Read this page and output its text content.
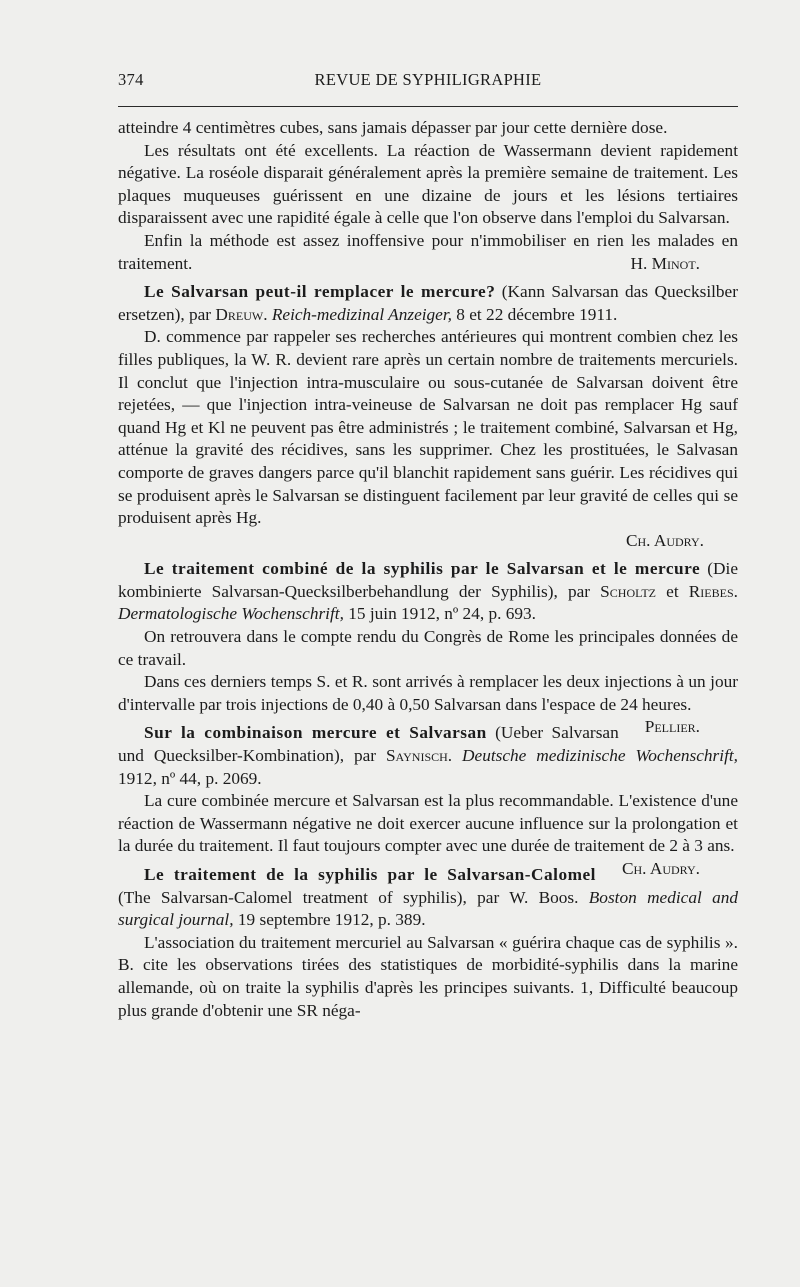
374	REVUE DE SYPHILIGRAPHIE

atteindre 4 centimètres cubes, sans jamais dépasser par jour cette dernière dose.

Les résultats ont été excellents. La réaction de Wassermann devient rapidement négative. La roséole disparait généralement après la première semaine de traitement. Les plaques muqueuses guérissent en une dizaine de jours et les lésions tertiaires disparaissent avec une rapidité égale à celle que l'on observe dans l'emploi du Salvarsan.

Enfin la méthode est assez inoffensive pour n'immobiliser en rien les malades en traitement.	H. Minot.

Le Salvarsan peut-il remplacer le mercure? (Kann Salvarsan das Quecksilber ersetzen), par Dreuw. Reich-medizinal Anzeiger, 8 et 22 décembre 1911.

D. commence par rappeler ses recherches antérieures qui montrent combien chez les filles publiques, la W. R. devient rare après un certain nombre de traitements mercuriels. Il conclut que l'injection intra-musculaire ou sous-cutanée de Salvarsan doivent être rejetées, — que l'injection intra-veineuse de Salvarsan ne doit pas remplacer Hg sauf quand Hg et Kl ne peuvent pas être administrés ; le traitement combiné, Salvarsan et Hg, atténue la gravité des récidives, sans les supprimer. Chez les prostituées, le Salvasan comporte de graves dangers parce qu'il blanchit rapidement sans guérir. Les récidives qui se produisent après le Salvarsan se distinguent facilement par leur gravité de celles qui se produisent après Hg.

Ch. Audry.

Le traitement combiné de la syphilis par le Salvarsan et le mercure (Die kombinierte Salvarsan-Quecksilberbehandlung der Syphilis), par Scholtz et Riebes. Dermatologische Wochenschrift, 15 juin 1912, nº 24, p. 693.

On retrouvera dans le compte rendu du Congrès de Rome les principales données de ce travail.

Dans ces derniers temps S. et R. sont arrivés à remplacer les deux injections à un jour d'intervalle par trois injections de 0,40 à 0,50 Salvarsan dans l'espace de 24 heures.
Pellier.

Sur la combinaison mercure et Salvarsan (Ueber Salvarsan und Quecksilber-Kombination), par Saynisch. Deutsche medizinische Wochenschrift, 1912, nº 44, p. 2069.

La cure combinée mercure et Salvarsan est la plus recommandable. L'existence d'une réaction de Wassermann négative ne doit exercer aucune influence sur la prolongation et la durée du traitement. Il faut toujours compter avec une durée de traitement de 2 à 3 ans.
Ch. Audry.

Le traitement de la syphilis par le Salvarsan-Calomel (The Salvarsan-Calomel treatment of syphilis), par W. Boos. Boston medical and surgical journal, 19 septembre 1912, p. 389.

L'association du traitement mercuriel au Salvarsan « guérira chaque cas de syphilis ». B. cite les observations tirées des statistiques de morbidité-syphilis dans la marine allemande, où on traite la syphilis d'après les principes suivants. 1, Difficulté beaucoup plus grande d'obtenir une SR néga-
